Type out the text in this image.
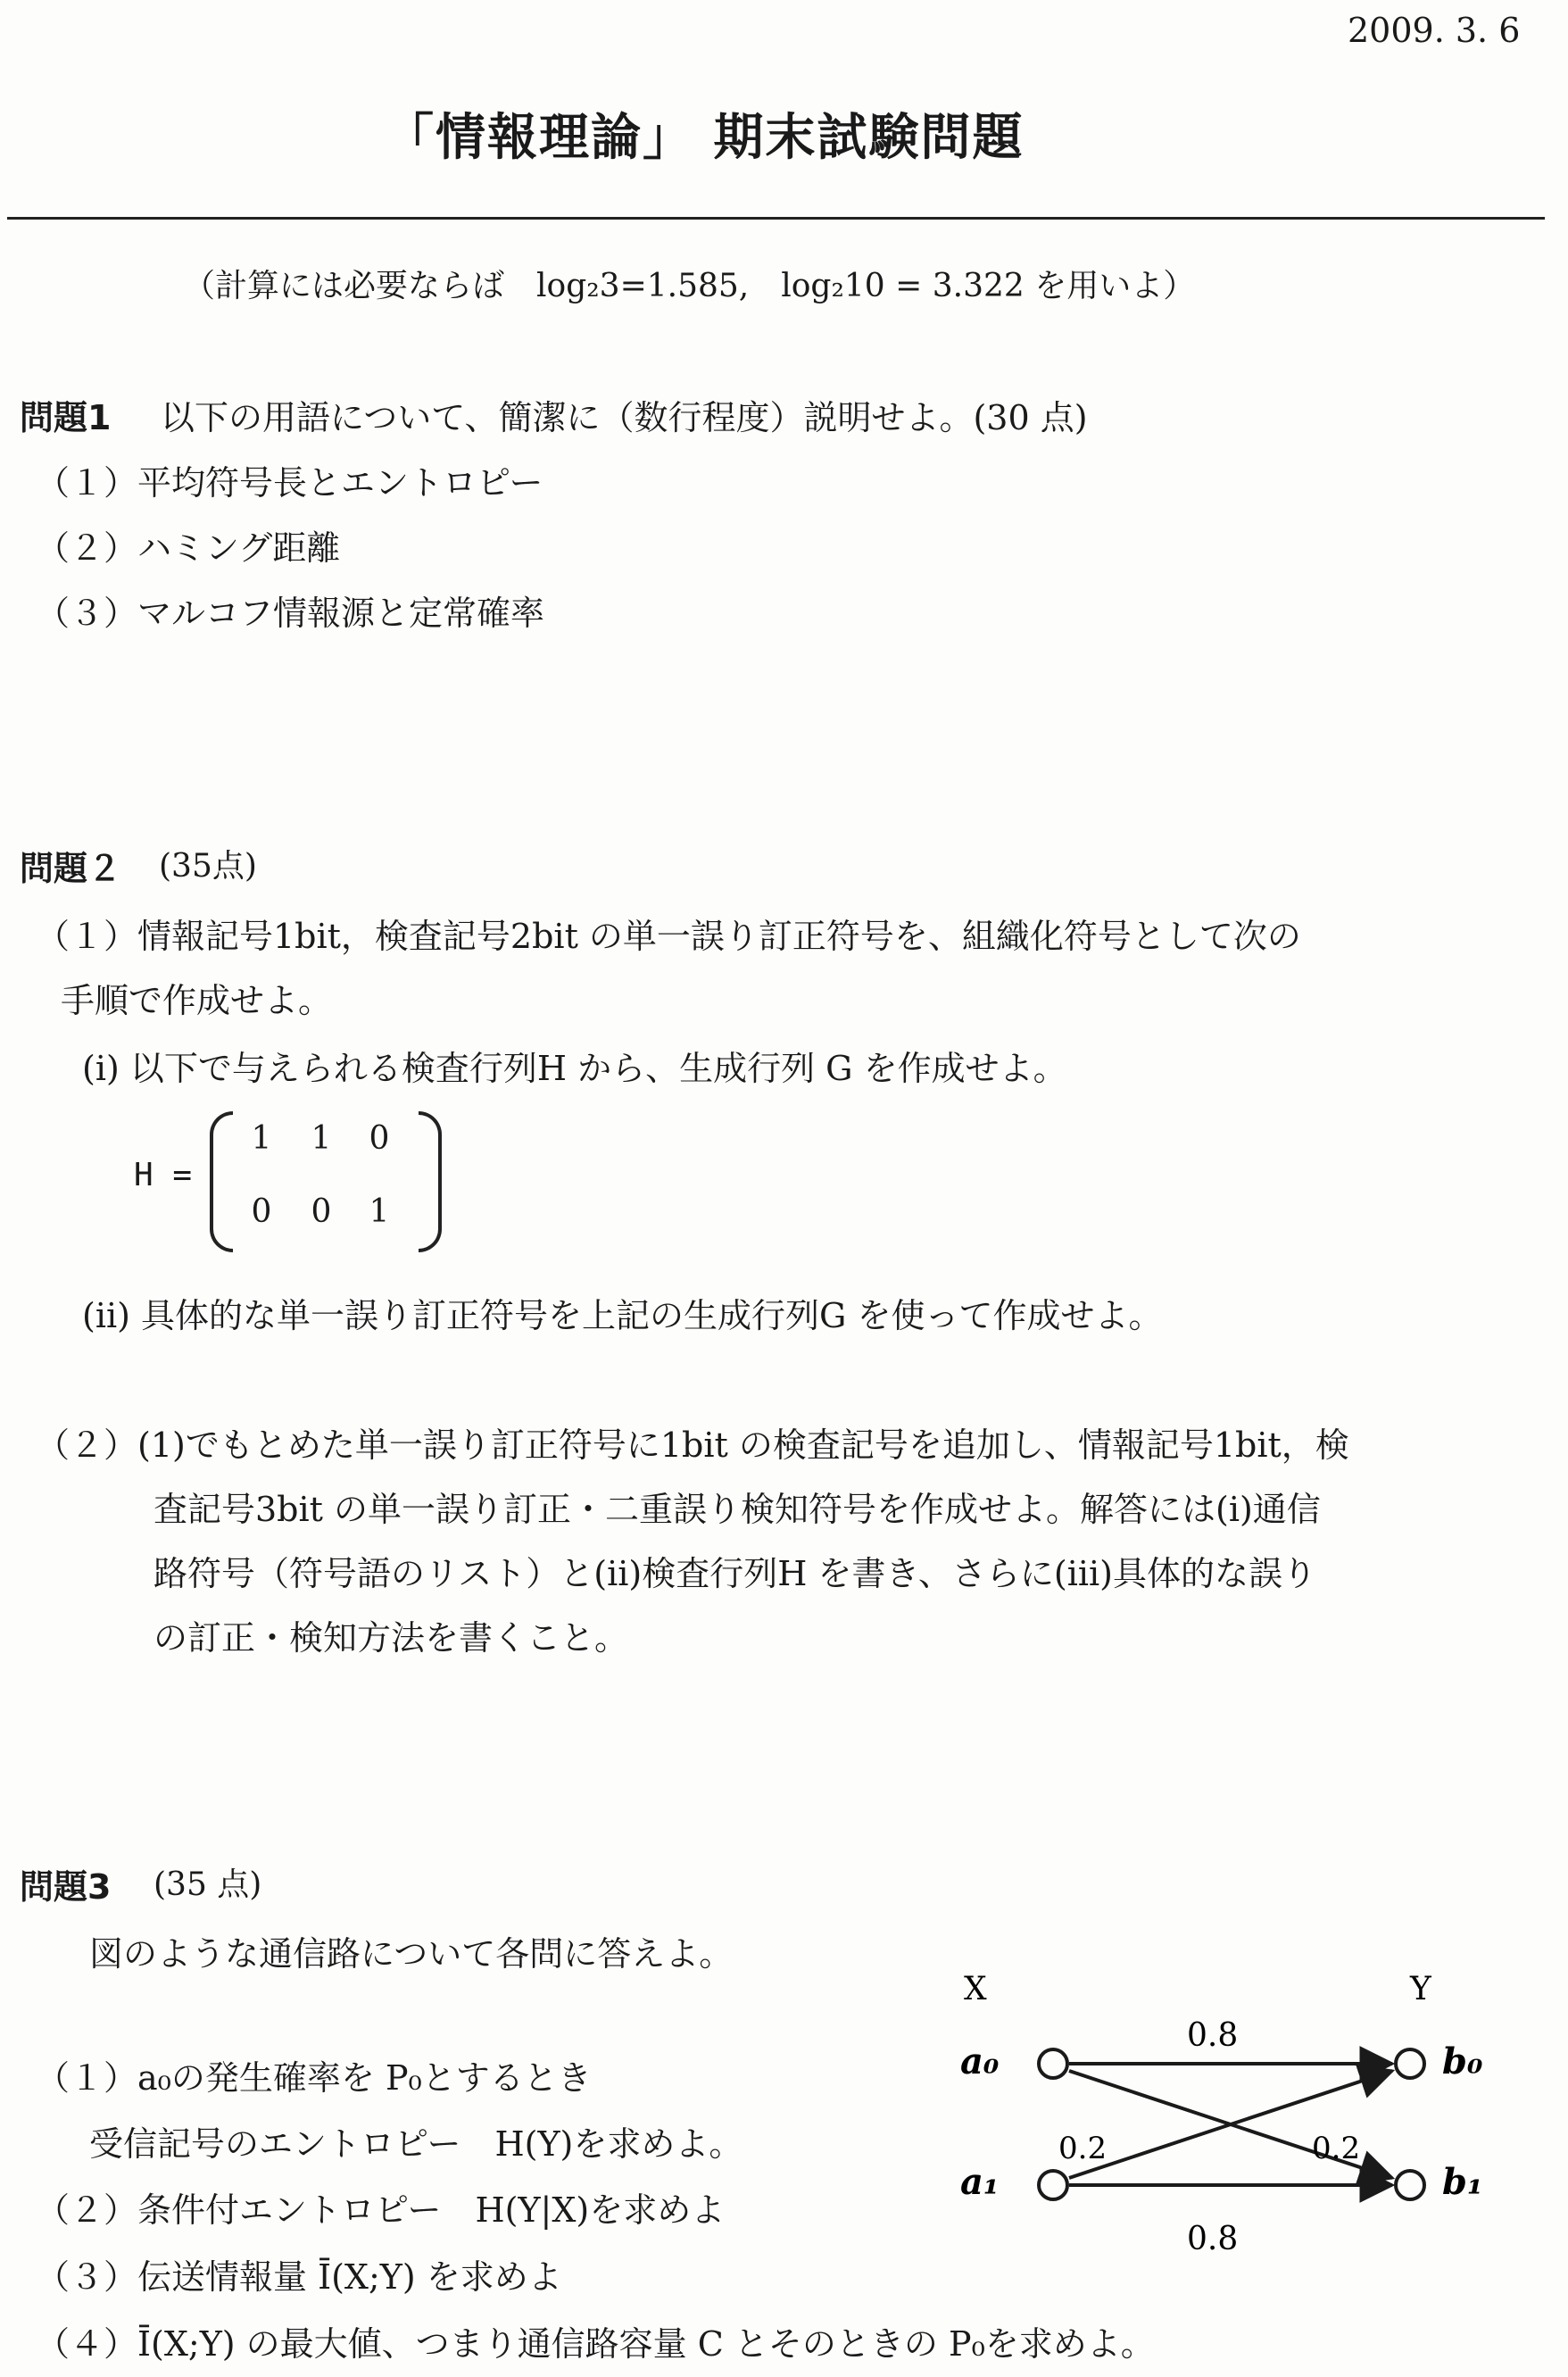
2009. 3. 6
「情報理論」 期末試験問題
（計算には必要ならば　log₂3=1.585,　log₂10 = 3.322 を用いよ）
問題1 以下の用語について、簡潔に（数行程度）説明せよ。(30 点)
（１）平均符号長とエントロピー
（２）ハミング距離
（３）マルコフ情報源と定常確率
問題２ (35点)
（１）情報記号1bit，検査記号2bit の単一誤り訂正符号を、組織化符号として次の
手順で作成せよ。
(i) 以下で与えられる検査行列H から、生成行列 G を作成せよ。
H =
1 1 0
0 0 1
(ii) 具体的な単一誤り訂正符号を上記の生成行列G を使って作成せよ。
（２）(1)でもとめた単一誤り訂正符号に1bit の検査記号を追加し、情報記号1bit，検
査記号3bit の単一誤り訂正・二重誤り検知符号を作成せよ。解答には(i)通信
路符号（符号語のリスト）と(ii)検査行列H を書き、さらに(iii)具体的な誤り
の訂正・検知方法を書くこと。
問題3 (35 点)
図のような通信路について各問に答えよ。
（１）a₀の発生確率を P₀とするとき
受信記号のエントロピー　H(Y)を求めよ。
（２）条件付エントロピー　H(Y|X)を求めよ
（３）伝送情報量 Ī(X;Y) を求めよ
（４）Ī(X;Y) の最大値、つまり通信路容量 C とそのときの P₀を求めよ。
X	Y
0.8
a₀
a₁
b₀
b₁
0.2	0.2
0.8
